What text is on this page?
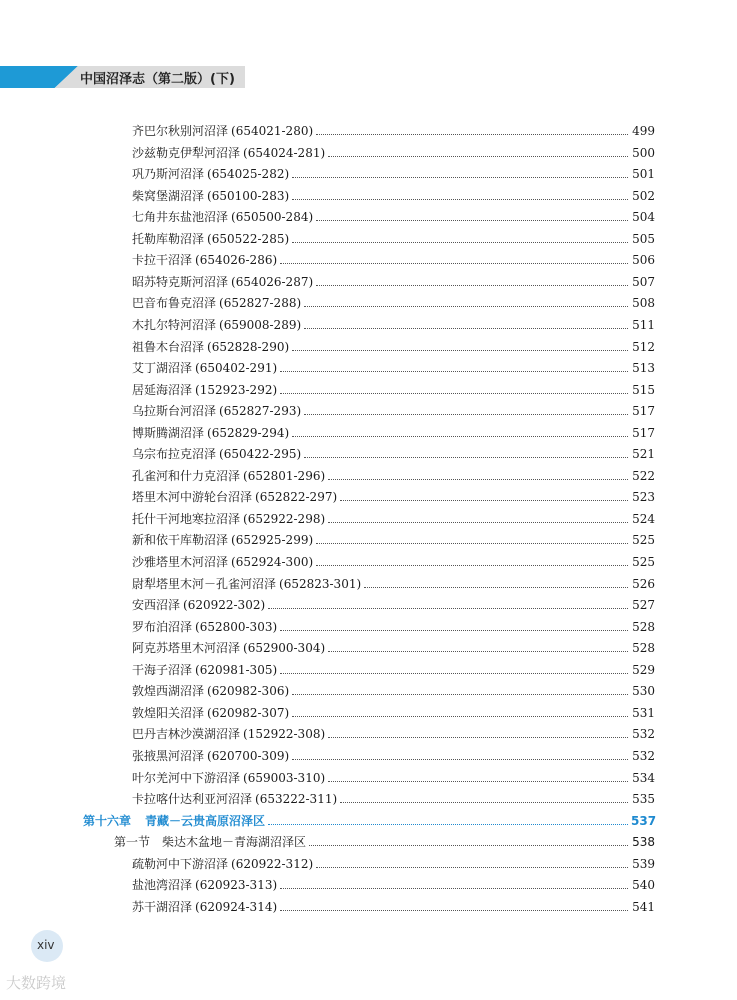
中国沼泽志（第二版）(下)
齐巴尔秋别河沼泽 (654021-280)	499
沙兹勒克伊犁河沼泽 (654024-281)	500
巩乃斯河沼泽 (654025-282)	501
柴窝堡湖沼泽 (650100-283)	502
七角井东盐池沼泽 (650500-284)	504
托勒库勒沼泽 (650522-285)	505
卡拉干沼泽 (654026-286)	506
昭苏特克斯河沼泽 (654026-287)	507
巴音布鲁克沼泽 (652827-288)	508
木扎尔特河沼泽 (659008-289)	511
祖鲁木台沼泽 (652828-290)	512
艾丁湖沼泽 (650402-291)	513
居延海沼泽 (152923-292)	515
乌拉斯台河沼泽 (652827-293)	517
博斯腾湖沼泽 (652829-294)	517
乌宗布拉克沼泽 (650422-295)	521
孔雀河和什力克沼泽 (652801-296)	522
塔里木河中游轮台沼泽 (652822-297)	523
托什干河地寒拉沼泽 (652922-298)	524
新和依干库勒沼泽 (652925-299)	525
沙雅塔里木河沼泽 (652924-300)	525
尉犁塔里木河－孔雀河沼泽 (652823-301)	526
安西沼泽 (620922-302)	527
罗布泊沼泽 (652800-303)	528
阿克苏塔里木河沼泽 (652900-304)	528
干海子沼泽 (620981-305)	529
敦煌西湖沼泽 (620982-306)	530
敦煌阳关沼泽 (620982-307)	531
巴丹吉林沙漠湖沼泽 (152922-308)	532
张掖黑河沼泽 (620700-309)	532
叶尔羌河中下游沼泽 (659003-310)	534
卡拉喀什达利亚河沼泽 (653222-311)	535
第十六章 青藏－云贵高原沼泽区	537
第一节　柴达木盆地－青海湖沼泽区	538
疏勒河中下游沼泽 (620922-312)	539
盐池湾沼泽 (620923-313)	540
苏干湖沼泽 (620924-314)	541
xiv
大数跨境
